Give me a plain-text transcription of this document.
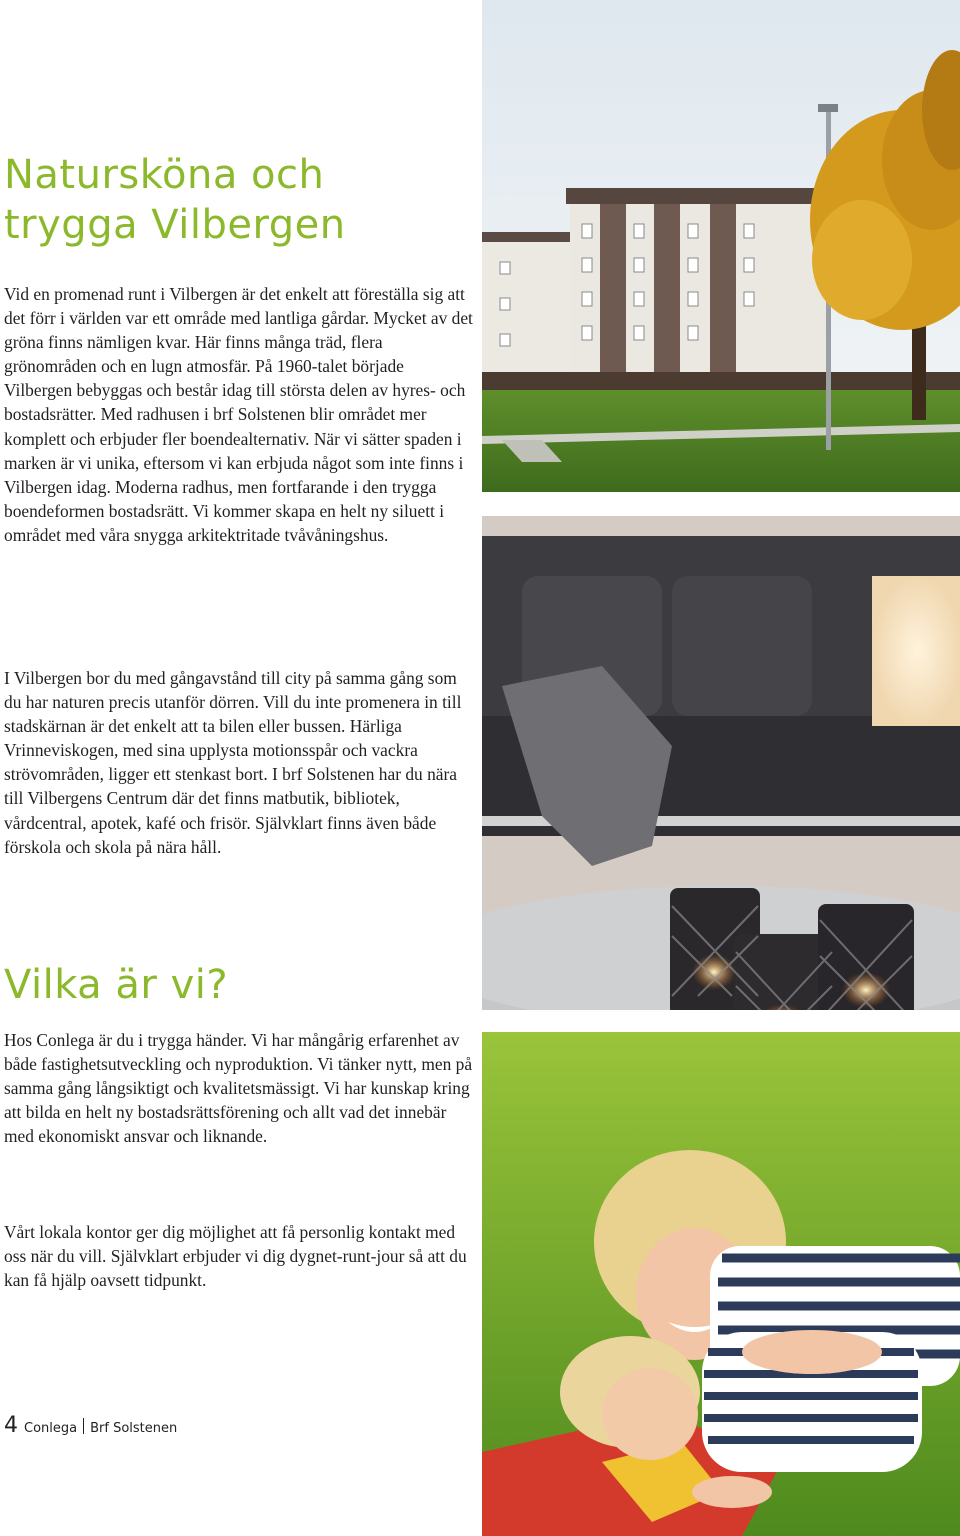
Natursköna och
trygga Vilbergen

Vid en promenad runt i Vilbergen är det enkelt att föreställa sig att det förr i världen var ett område med lantliga gårdar. Mycket av det gröna finns nämligen kvar. Här finns många träd, flera grönområden och en lugn atmosfär. På 1960-talet började Vilbergen bebyggas och består idag till största delen av hyres- och bostadsrätter. Med radhusen i brf Solstenen blir området mer komplett och erbjuder fler boendealternativ. När vi sätter spaden i marken är vi unika, eftersom vi kan erbjuda något som inte finns i Vilbergen idag. Moderna radhus, men fortfarande i den trygga boendeformen bostadsrätt. Vi kommer skapa en helt ny siluett i området med våra snygga arkitektritade tvåvåningshus.

I Vilbergen bor du med gångavstånd till city på samma gång som du har naturen precis utanför dörren. Vill du inte promenera in till stadskärnan är det enkelt att ta bilen eller bussen. Härliga Vrinneviskogen, med sina upplysta motionsspår och vackra strövområden, ligger ett stenkast bort. I brf Solstenen har du nära till Vilbergens Centrum där det finns matbutik, bibliotek, vårdcentral, apotek, kafé och frisör. Självklart finns även både förskola och skola på nära håll.

Vilka är vi?

Hos Conlega är du i trygga händer. Vi har mångårig erfarenhet av både fastighetsutveckling och nyproduktion. Vi tänker nytt, men på samma gång långsiktigt och kvalitetsmässigt. Vi har kunskap kring att bilda en helt ny bostadsrättsförening och allt vad det innebär med ekonomiskt ansvar och liknande.

Vårt lokala kontor ger dig möjlighet att få personlig kontakt med oss när du vill. Självklart erbjuder vi dig dygnet-runt-jour så att du kan få hjälp oavsett tidpunkt.

4 Conlega Brf Solstenen
